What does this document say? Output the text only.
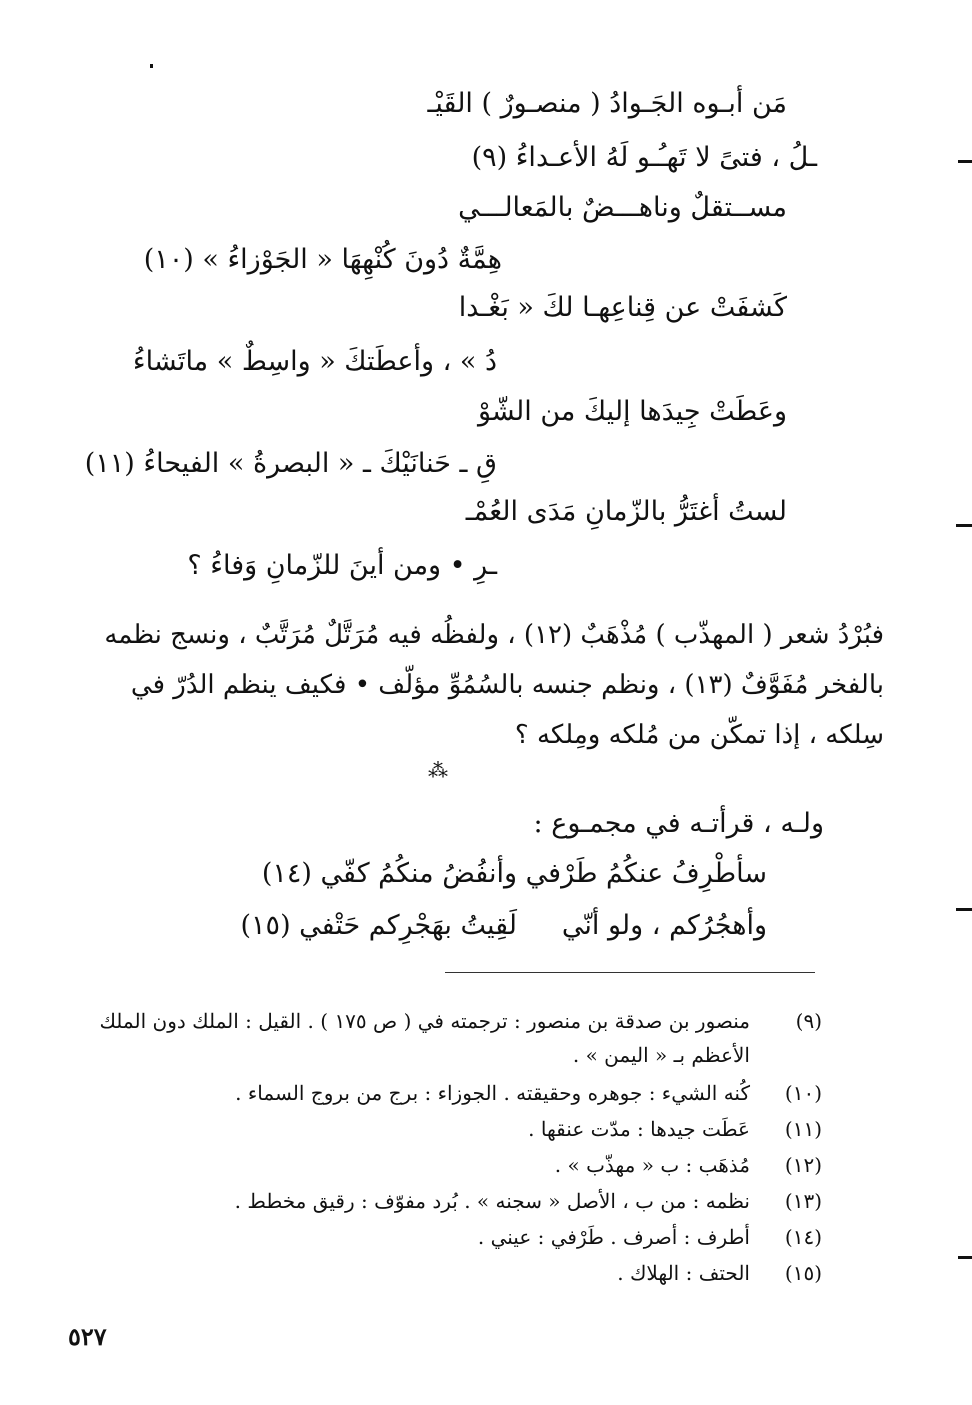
مَن أبـوه الجَـوادُ ( منصـورٌ ) القَيْـ
ـلُ ، فتىً لا تَهـُـو لَهُ الأعـداءُ (٩)
مســتقلٌ وناهـــضٌ بالمَعالـــي
هِمَّةٌ دُونَ كُنْهِهَا « الجَوْزاءُ » (١٠)
كَشفَتْ عن قِناعِهـا لكَ « بَغْـدا
دُ » ، وأعطَتكَ « واسِطٌ » ماتَشاءُ
وعَطَتْ جِيدَها إليكَ من الشّوْ
قِ ـ حَنانَيْكَ ـ « البصرةُ » الفيحاءُ (١١)
لستُ أغتَرُّ بالزّمانِ مَدَى العُمْـ
ـرِ • ومن أينَ للزّمانِ وَفاءُ ؟

فبُرْدُ شعر ( المهذّب ) مُذْهَبٌ (١٢) ، ولفظُه فيه مُرَتَّلٌ مُرَتَّبٌ ، ونسج نظمه بالفخر مُفَوَّفٌ (١٣) ، ونظم جنسه بالسُمُوِّ مؤلّف • فكيف ينظم الدُرّ في سِلكه ، إذا تمكّن من مُلكه ومِلكه ؟

⁂
ولـه ، قرأتـه في مجمـوع :
سأطْرِفُ عنكُمُ طَرْفي
وأنفُضُ منكُمُ كفّي (١٤)
وأهجُرُكم ، ولو أنّي
لَقِيتُ بهَجْرِكم حَتْفي (١٥)
(٩)
منصور بن صدقة بن منصور : ترجمته في ( ص ١٧٥ ) . القيل : الملك دون الملك الأعظم بـ « اليمن » .
(١٠)
كُنه الشيء : جوهره وحقيقته . الجوزاء : برج من بروج السماء .
(١١)
عَطَت جيدها : مدّت عنقها .
(١٢)
مُذهَب : ب « مهذّب » .
(١٣)
نظمه : من ب ، الأصل « سجنه » . بُرد مفوّف : رقيق مخطط .
(١٤)
أطرف : أصرف . طَرْفي : عيني .
(١٥)
الحتف : الهلاك .
٥٢٧
